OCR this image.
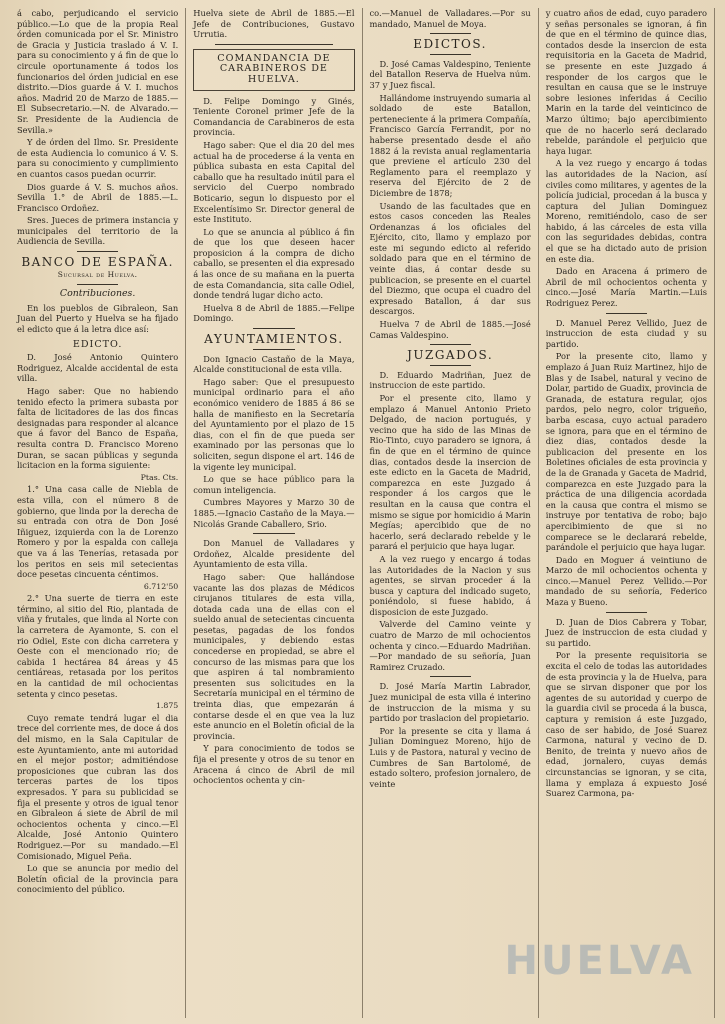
á cabo, perjudicando el servicio público.—Lo que de la propia Real órden comunicada por el Sr. Ministro de Gracia y Justicia traslado á V. I. para su conocimiento y á fin de que lo circule oportunamente á todos los funcionarios del órden judicial en ese distrito.—Dios guarde á V. I. muchos años. Madrid 20 de Marzo de 1885.—El Subsecretario.—N. de Alvarado.—Sr. Presidente de la Audiencia de Sevilla.»

Y de órden del Ilmo. Sr. Presidente de esta Audiencia lo comunico á V. S. para su conocimiento y cumplimiento en cuantos casos puedan ocurrir.

Dios guarde á V. S. muchos años. Sevilla 1.° de Abril de 1885.—L. Francisco Ordoñez.

Sres. Jueces de primera instancia y municipales del territorio de la Audiencia de Sevilla.

BANCO DE ESPAÑA.
Sucursal de Huelva.
Contribuciones.

En los pueblos de Gibraleon, San Juan del Puerto y Huelva se ha fijado el edicto que á la letra dice así:

EDICTO.

D. José Antonio Quintero Rodriguez, Alcalde accidental de esta villa.

Hago saber: Que no habiendo tenido efecto la primera subasta por falta de licitadores de las dos fincas designadas para responder al alcance que á favor del Banco de España, resulta contra D. Francisco Moreno Duran, se sacan públicas y segunda licitacion en la forma siguiente:

Ptas. Cts.

1.° Una casa calle de Niebla de esta villa, con el número 8 de gobierno, que linda por la derecha de su entrada con otra de Don José Iñiguez, izquierda con la de Lorenzo Romero y por la espalda con calleja que va á las Tenerías, retasada por los peritos en seis mil setecientas doce pesetas cincuenta céntimos.

6.712'50

2.° Una suerte de tierra en este término, al sitio del Rio, plantada de viña y frutales, que linda al Norte con la carretera de Ayamonte, S. con el rio Odiel, Este con dicha carretera y Oeste con el mencionado rio; de cabida 1 hectárea 84 áreas y 45 centiáreas, retasada por los peritos en la cantidad de mil ochocientas setenta y cinco pesetas.

1.875

Cuyo remate tendrá lugar el dia trece del corriente mes, de doce á dos del mismo, en la Sala Capitular de este Ayuntamiento, ante mi autoridad en el mejor postor; admitiéndose proposiciones que cubran las dos terceras partes de los tipos expresados. Y para su publicidad se fija el presente y otros de igual tenor en Gibraleon á siete de Abril de mil ochocientos ochenta y cinco.—El Alcalde, José Antonio Quintero Rodriguez.—Por su mandado.—El Comisionado, Miguel Peña.

Lo que se anuncia por medio del Boletín oficial de la provincia para conocimiento del público.

Huelva siete de Abril de 1885.—El Jefe de Contribuciones, Gustavo Urrutia.

COMANDANCIA DE CARABINEROS DE HUELVA.

D. Felipe Domingo y Ginés, Teniente Coronel primer Jefe de la Comandancia de Carabineros de esta provincia.

Hago saber: Que el dia 20 del mes actual ha de procederse á la venta en pública subasta en esta Capital del caballo que ha resultado inútil para el servicio del Cuerpo nombrado Boticario, segun lo dispuesto por el Excelentísimo Sr. Director general de este Instituto.

Lo que se anuncia al público á fin de que los que deseen hacer proposicion á la compra de dicho caballo, se presenten el dia expresado á las once de su mañana en la puerta de esta Comandancia, sita calle Odiel, donde tendrá lugar dicho acto.

Huelva 8 de Abril de 1885.—Felipe Domingo.

AYUNTAMIENTOS.

Don Ignacio Castaño de la Maya, Alcalde constitucional de esta villa.

Hago saber: Que el presupuesto municipal ordinario para el año económico venidero de 1885 á 86 se halla de manifiesto en la Secretaría del Ayuntamiento por el plazo de 15 dias, con el fin de que pueda ser examinado por las personas que lo soliciten, segun dispone el art. 146 de la vigente ley municipal.

Lo que se hace público para la comun inteligencia.

Cumbres Mayores y Marzo 30 de 1885.—Ignacio Castaño de la Maya.—Nicolás Grande Caballero, Srio.

Don Manuel de Valladares y Ordoñez, Alcalde presidente del Ayuntamiento de esta villa.

Hago saber: Que hallándose vacante las dos plazas de Médicos cirujanos titulares de esta villa, dotada cada una de ellas con el sueldo anual de setecientas cincuenta pesetas, pagadas de los fondos municipales, y debiendo estas concederse en propiedad, se abre el concurso de las mismas para que los que aspiren á tal nombramiento presenten sus solicitudes en la Secretaría municipal en el término de treinta dias, que empezarán á contarse desde el en que vea la luz este anuncio en el Boletín oficial de la provincia.

Y para conocimiento de todos se fija el presente y otros de su tenor en Aracena á cinco de Abril de mil ochocientos ochenta y cin-

co.—Manuel de Valladares.—Por su mandado, Manuel de Moya.

EDICTOS.

D. José Camas Valdespino, Teniente del Batallon Reserva de Huelva núm. 37 y Juez fiscal.

Hallándome instruyendo sumaria al soldado de este Batallon, perteneciente á la primera Compañía, Francisco García Ferrandit, por no haberse presentado desde el año 1882 á la revista anual reglamentaria que previene el artículo 230 del Reglamento para el reemplazo y reserva del Ejército de 2 de Diciembre de 1878;

Usando de las facultades que en estos casos conceden las Reales Ordenanzas á los oficiales del Ejército, cito, llamo y emplazo por este mi segundo edicto al referido soldado para que en el término de veinte dias, á contar desde su publicacion, se presente en el cuartel del Diezmo, que ocupa el cuadro del expresado Batallon, á dar sus descargos.

Huelva 7 de Abril de 1885.—José Camas Valdespino.

JUZGADOS.

D. Eduardo Madriñan, Juez de instruccion de este partido.

Por el presente cito, llamo y emplazo á Manuel Antonio Prieto Delgado, de nacion portugués, y vecino que ha sido de las Minas de Rio-Tinto, cuyo paradero se ignora, á fin de que en el término de quince dias, contados desde la insercion de este edicto en la Gaceta de Madrid, comparezca en este Juzgado á responder á los cargos que le resultan en la causa que contra el mismo se sigue por homicidio á Marin Megías; apercibido que de no hacerlo, será declarado rebelde y le parará el perjuicio que haya lugar.

A la vez ruego y encargo á todas las Autoridades de la Nacion y sus agentes, se sirvan proceder á la busca y captura del indicado sugeto, poniéndolo, si fuese habido, á disposicion de este Juzgado.

Valverde del Camino veinte y cuatro de Marzo de mil ochocientos ochenta y cinco.—Eduardo Madriñan.—Por mandado de su señoría, Juan Ramirez Cruzado.

D. José María Martin Labrador, Juez municipal de esta villa é interino de instruccion de la misma y su partido por traslacion del propietario.

Por la presente se cita y llama á Julian Dominguez Moreno, hijo de Luis y de Pastora, natural y vecino de Cumbres de San Bartolomé, de estado soltero, profesion jornalero, de veinte

y cuatro años de edad, cuyo paradero y señas personales se ignoran, á fin de que en el término de quince dias, contados desde la insercion de esta requisitoria en la Gaceta de Madrid, se presente en este Juzgado á responder de los cargos que le resultan en causa que se le instruye sobre lesiones inferidas á Cecilio Marin en la tarde del veinticinco de Marzo último; bajo apercibimiento que de no hacerlo será declarado rebelde, parándole el perjuicio que haya lugar.

A la vez ruego y encargo á todas las autoridades de la Nacion, así civiles como militares, y agentes de la policía judicial, procedan á la busca y captura del Julian Dominguez Moreno, remitiéndolo, caso de ser habido, á las cárceles de esta villa con las seguridades debidas, contra el que se ha dictado auto de prision en este dia.

Dado en Aracena á primero de Abril de mil ochocientos ochenta y cinco.—José María Martin.—Luis Rodriguez Perez.

D. Manuel Perez Vellido, Juez de instruccion de esta ciudad y su partido.

Por la presente cito, llamo y emplazo á Juan Ruiz Martinez, hijo de Blas y de Isabel, natural y vecino de Dolar, partido de Guadix, provincia de Granada, de estatura regular, ojos pardos, pelo negro, color trigueño, barba escasa, cuyo actual paradero se ignora, para que en el término de diez dias, contados desde la publicacion del presente en los Boletines oficiales de esta provincia y de la de Granada y Gaceta de Madrid, comparezca en este Juzgado para la práctica de una diligencia acordada en la causa que contra el mismo se instruye por tentativa de robo; bajo apercibimiento de que si no comparece se le declarará rebelde, parándole el perjuicio que haya lugar.

Dado en Moguer á veintiuno de Marzo de mil ochocientos ochenta y cinco.—Manuel Perez Vellido.—Por mandado de su señoría, Federico Maza y Bueno.

D. Juan de Dios Cabrera y Tobar, Juez de instruccion de esta ciudad y su partido.

Por la presente requisitoria se excita el celo de todas las autoridades de esta provincia y la de Huelva, para que se sirvan disponer que por los agentes de su autoridad y cuerpo de la guardia civil se proceda á la busca, captura y remision á este Juzgado, caso de ser habido, de José Suarez Carmona, natural y vecino de D. Benito, de treinta y nuevo años de edad, jornalero, cuyas demás circunstancias se ignoran, y se cita, llama y emplaza á expuesto José Suarez Carmona, pa-

HUELVA
